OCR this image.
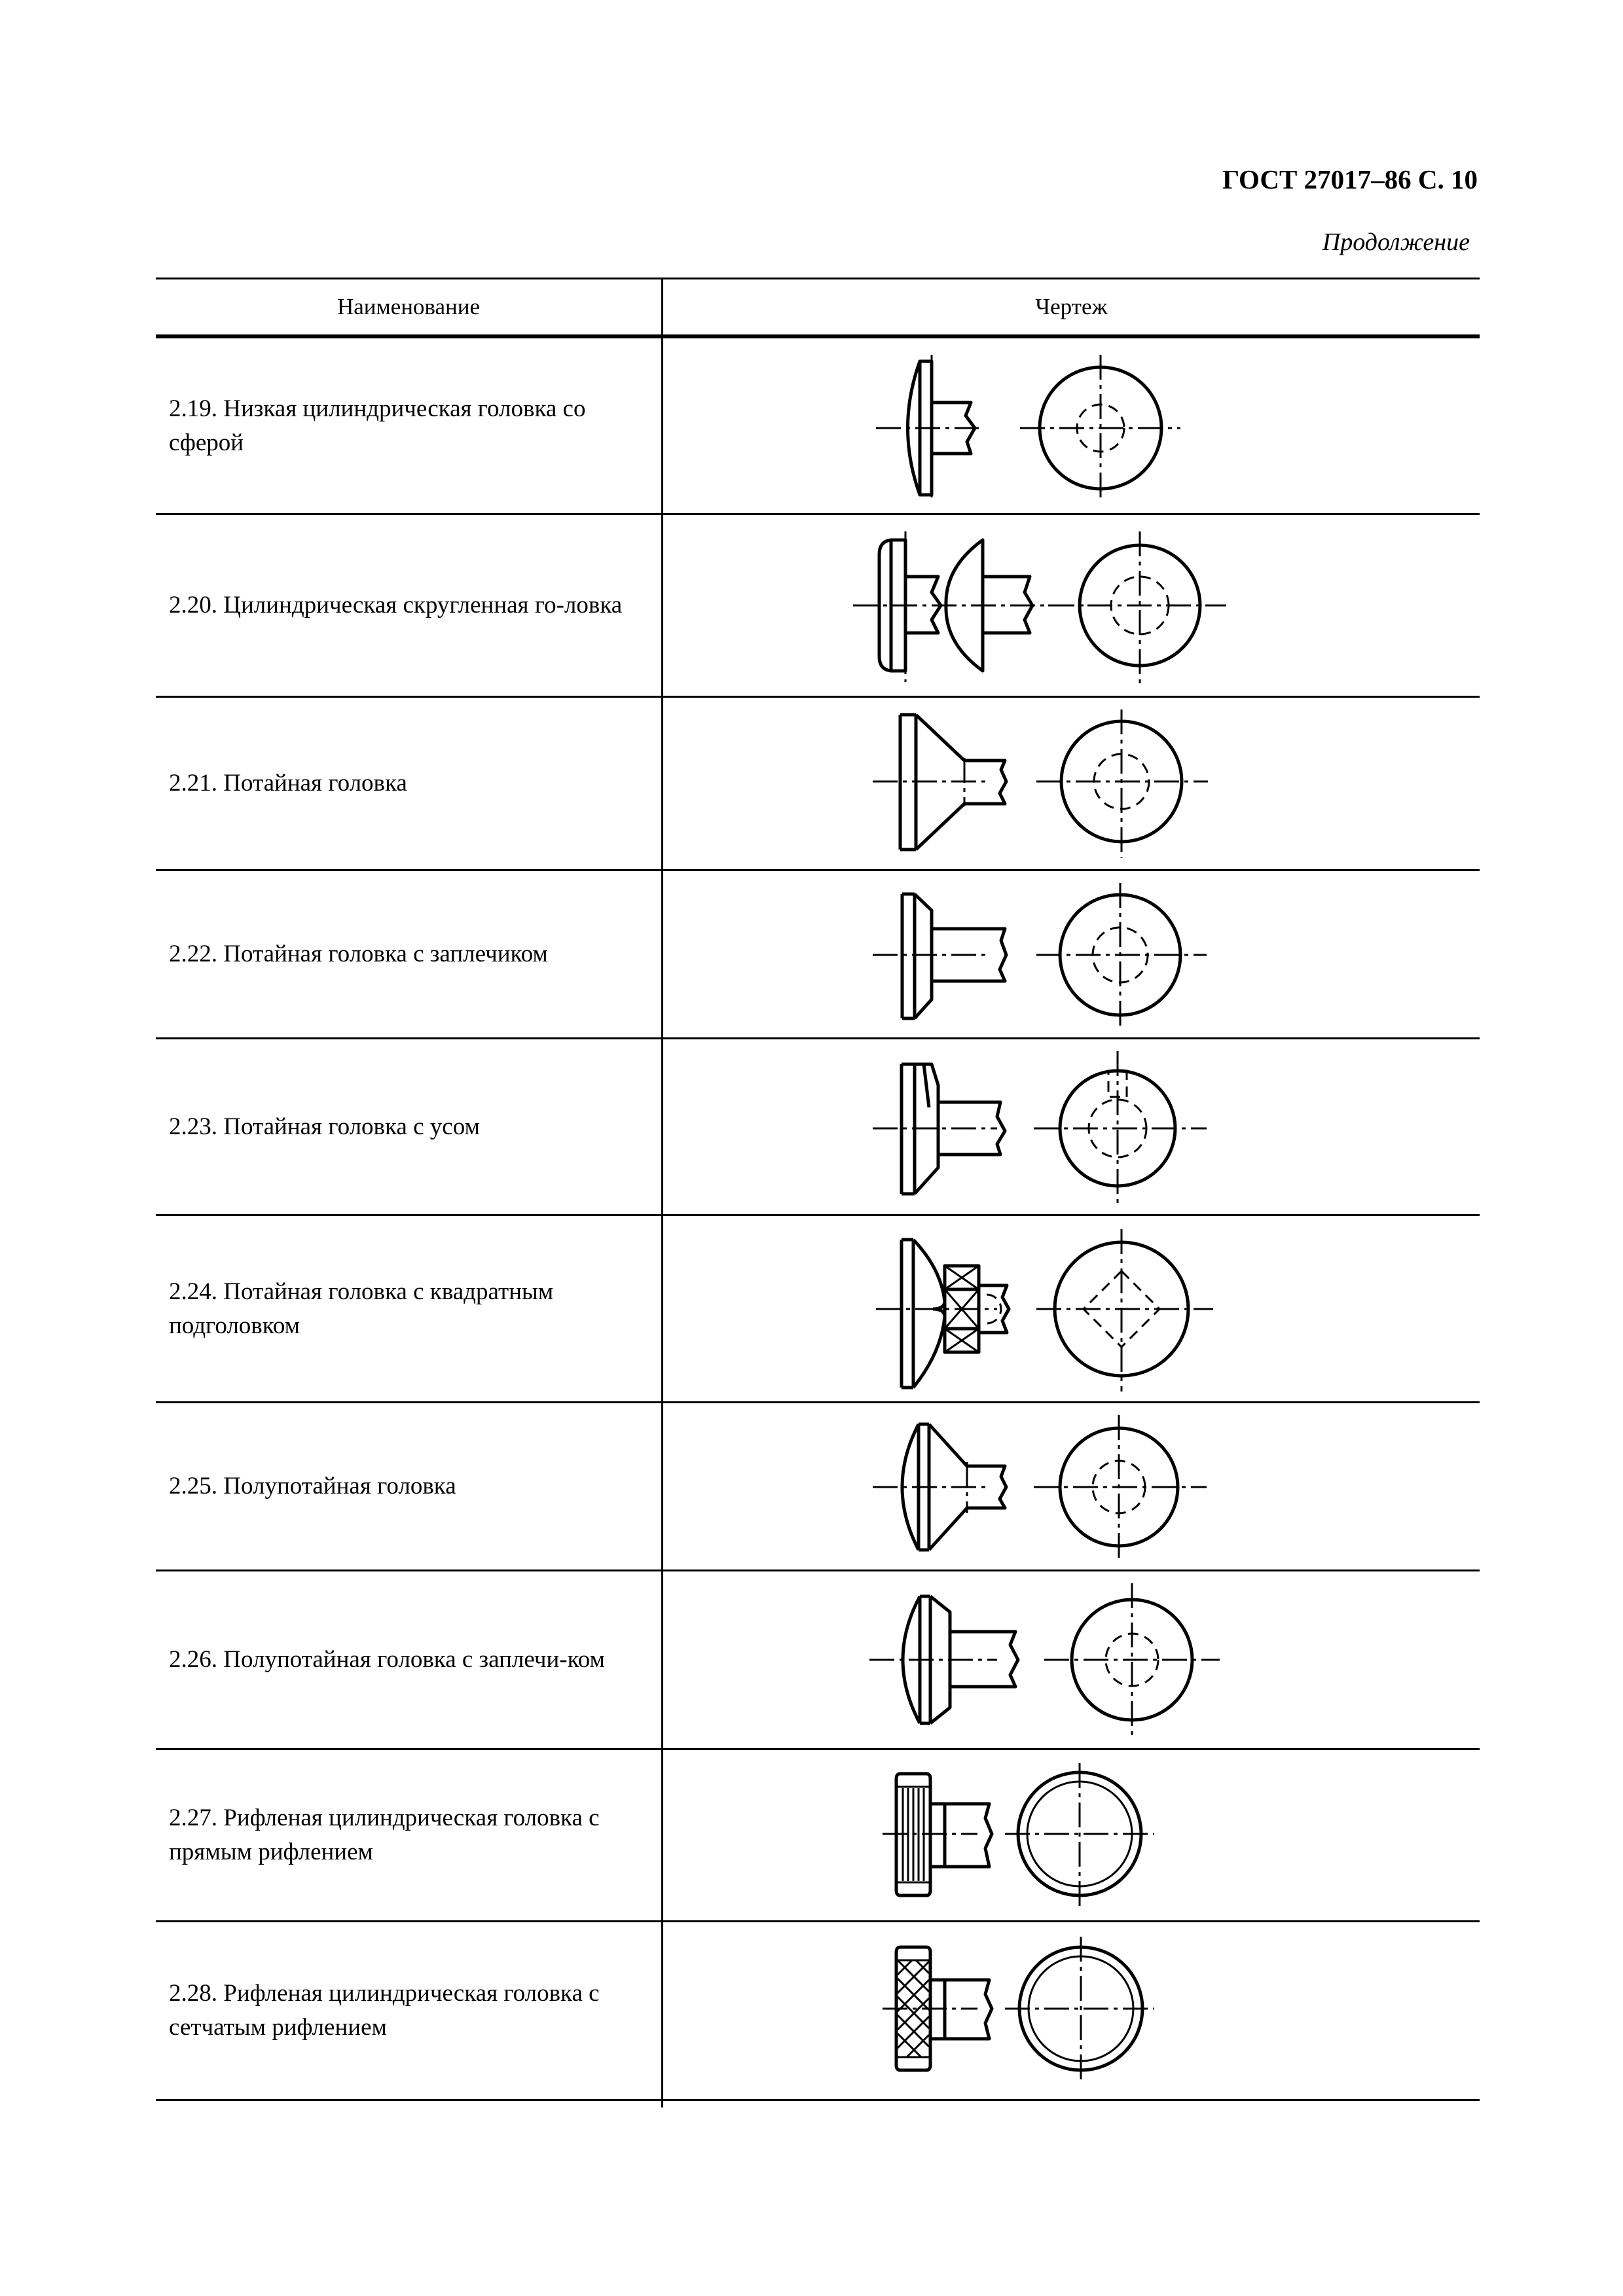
ГОСТ 27017–86 С. 10
Продолжение
Наименование	Чертеж
2.19. Низкая цилиндрическая головка со сферой
2.20. Цилиндрическая скругленная го-ловка
2.21. Потайная головка
2.22. Потайная головка с заплечиком
2.23. Потайная головка с усом
2.24. Потайная головка с квадратным подголовком
2.25. Полупотайная головка
2.26. Полупотайная головка с заплечи-ком
2.27. Рифленая цилиндрическая головка с прямым рифлением
2.28. Рифленая цилиндрическая головка с сетчатым рифлением
